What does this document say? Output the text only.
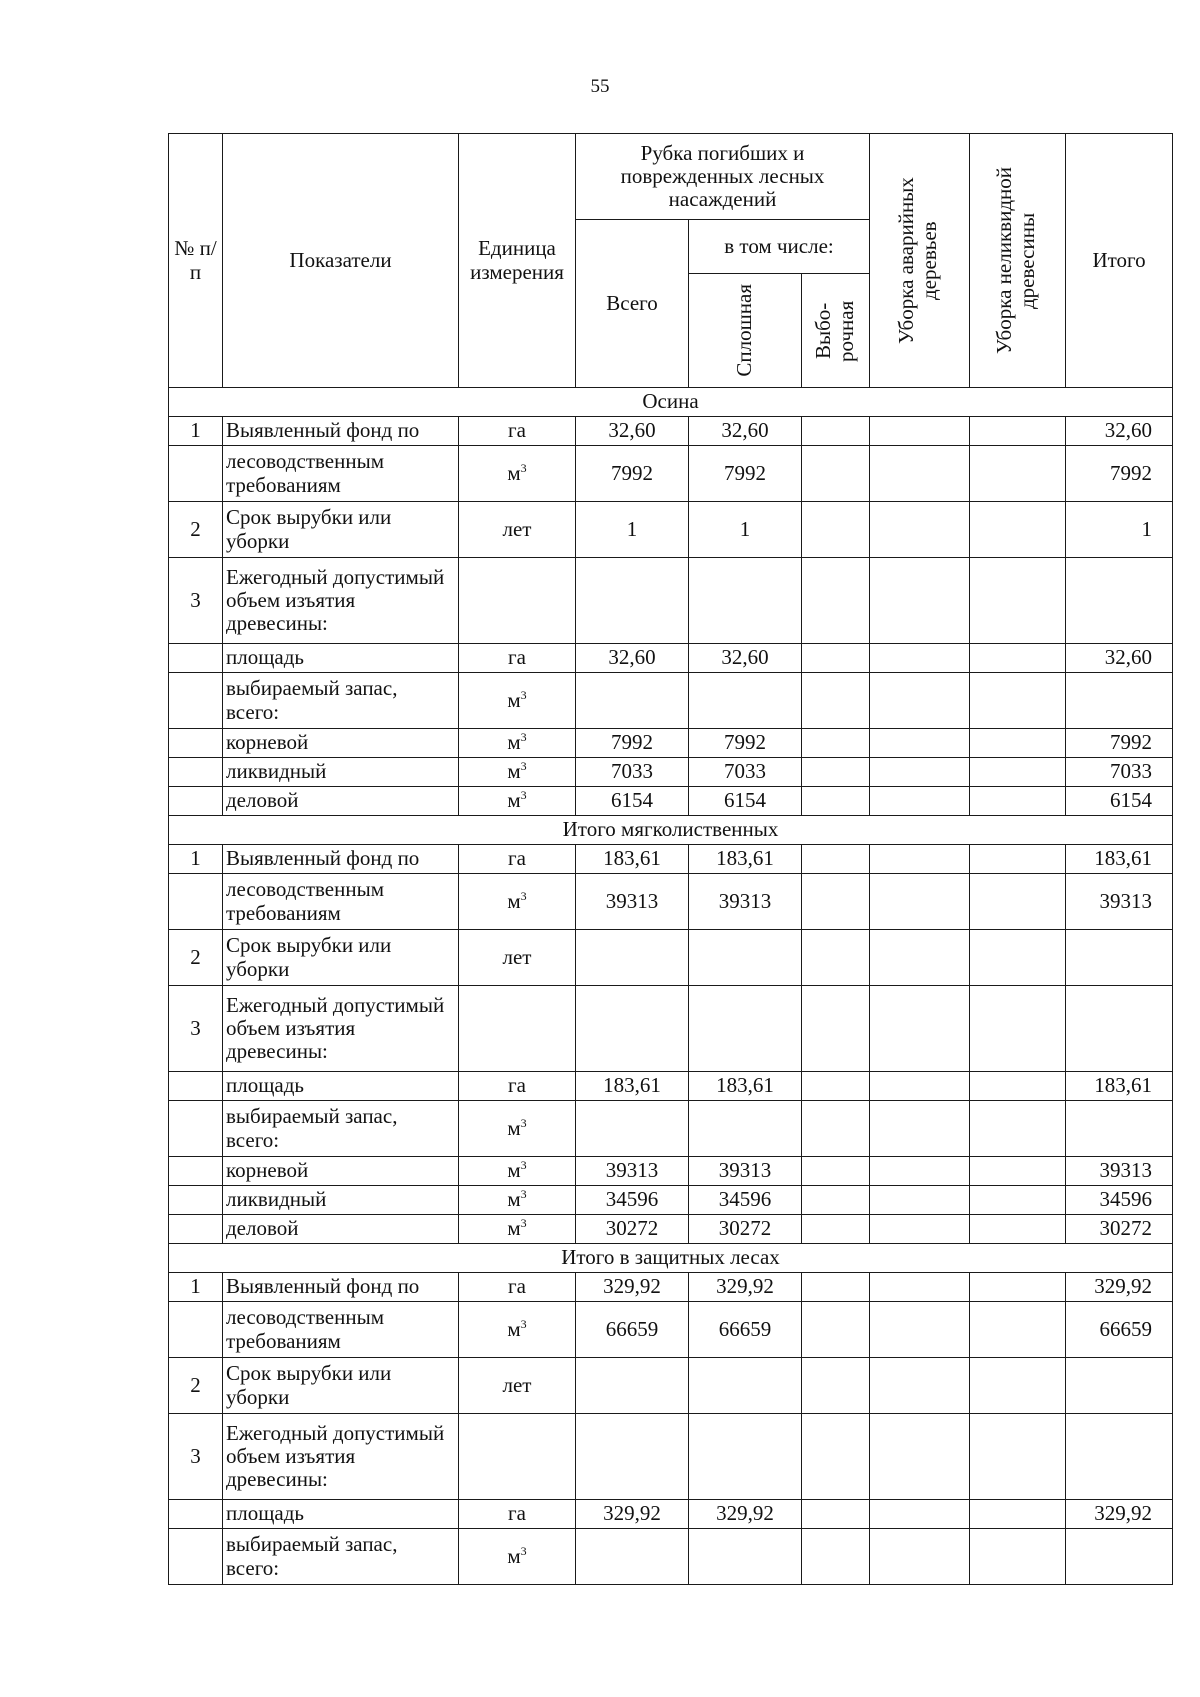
55
№ п/п	Показатели	Единица измерения	Рубка погибших и поврежденных лесных насаждений			Уборка аварийных деревьев	Уборка неликвидной древесины	Итого
			Всего	в том числе:				

				Сплошная	Выбо-рочная			

Осина								
1	Выявленный фонд по	га	32,60	32,60				32,60
	лесоводственным требованиям	$м^3$	7992	7992				7992
2	Срок вырубки или уборки	лет	1	1				1
3	Ежегодный допустимый объем изъятия древесины:							
	площадь	га	32,60	32,60				32,60
	выбираемый запас, всего:	$м^3$						
	корневой	$м^3$	7992	7992				7992
	ликвидный	$м^3$	7033	7033				7033
	деловой	$м^3$	6154	6154				6154
Итого мягколиственных								
1	Выявленный фонд по	га	183,61	183,61				183,61
	лесоводственным требованиям	$м^3$	39313	39313				39313
2	Срок вырубки или уборки	лет						
3	Ежегодный допустимый объем изъятия древесины:							
	площадь	га	183,61	183,61				183,61
	выбираемый запас, всего:	$м^3$						
	корневой	$м^3$	39313	39313				39313
	ликвидный	$м^3$	34596	34596				34596
	деловой	$м^3$	30272	30272				30272
Итого в защитных лесах								
1	Выявленный фонд по	га	329,92	329,92				329,92
	лесоводственным требованиям	$м^3$	66659	66659				66659
2	Срок вырубки или уборки	лет						
3	Ежегодный допустимый объем изъятия древесины:							
	площадь	га	329,92	329,92				329,92
	выбираемый запас, всего:	$м^3$						
